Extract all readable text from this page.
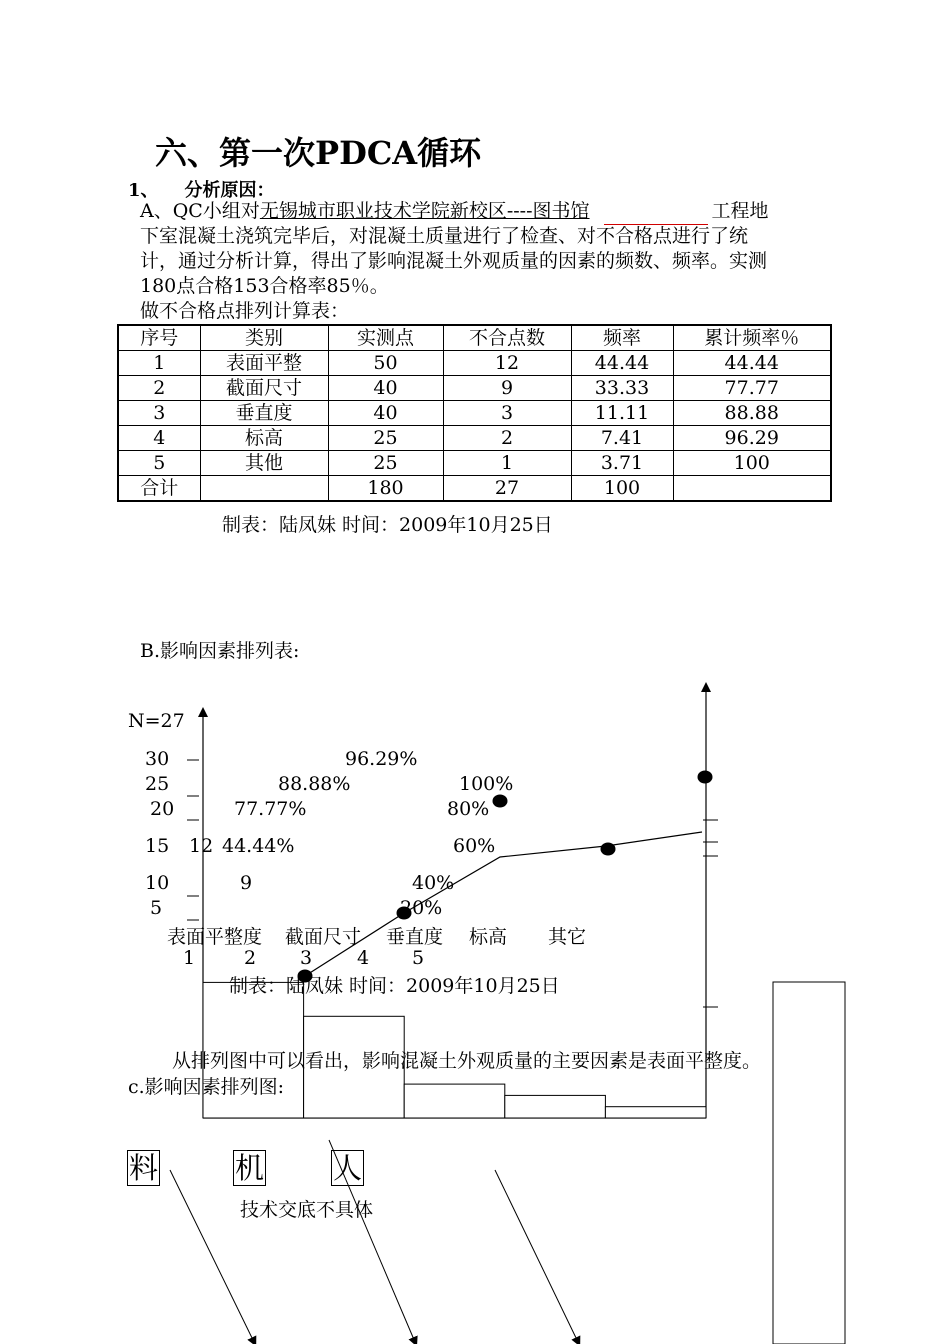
六、第一次PDCA循环
1、 分析原因：
A、QC小组对无锡城市职业技术学院新校区----图书馆	工程地
下室混凝土浇筑完毕后，对混凝土质量进行了检查、对不合格点进行了统
计，通过分析计算，得出了影响混凝土外观质量的因素的频数、频率。实测
180点合格153合格率85％。
做不合格点排列计算表：
序号	类别	实测点	不合点数	频率	累计频率％
1	表面平整	50	12	44.44	44.44
2	截面尺寸	40	9	33.33	77.77
3	垂直度	40	3	11.11	88.88
4	标高	25	2	7.41	96.29
5	其他	25	1	3.71	100
合计		180	27	100	
制表：陆凤妹 时间：2009年10月25日
B.影响因素排列表:
N=27
30
25
20
15
10
5
12
9
44.44%
77.77%
88.88%
96.29%
100%
80%
60%
40%
20%
表面平整度 截面尺寸 垂直度 标高 其它
1	2 3 4 5
制表：陆凤妹 时间：2009年10月25日
从排列图中可以看出，影响混凝土外观质量的主要因素是表面平整度。
c.影响因素排列图:
料	机 人
技术交底不具体
